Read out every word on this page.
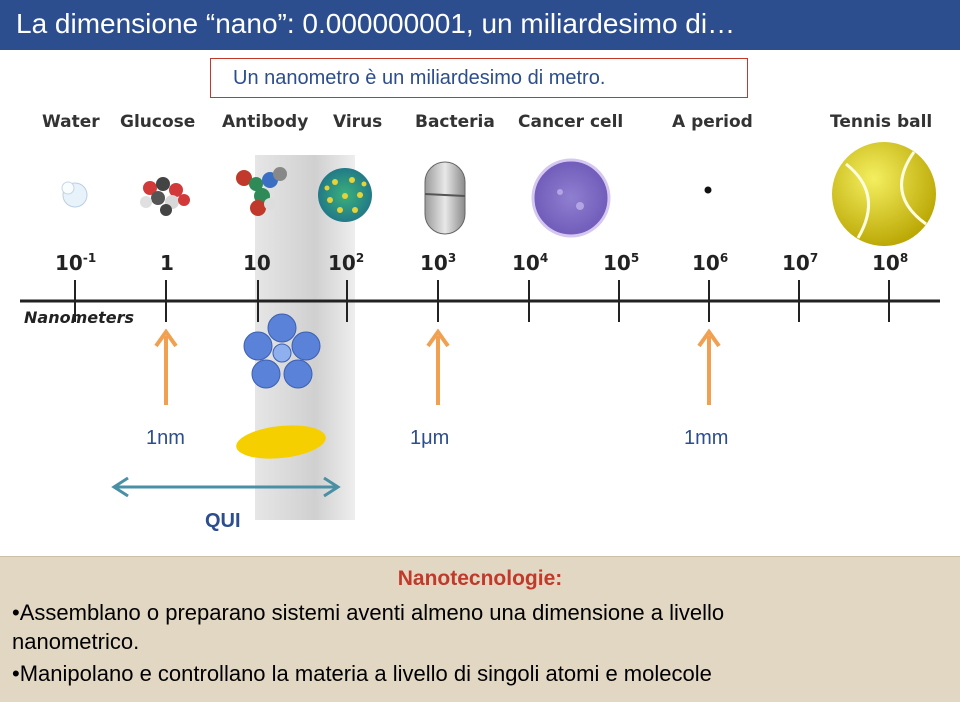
La dimensione “nano”: 0.000000001, un miliardesimo di…
Un nanometro è un miliardesimo di metro.
Water Glucose Antibody Virus Bacteria Cancer cell	A period	Tennis ball
$10^{-1}$	1	10	$10^2$	$10^3$	$10^4$	$10^5$	$10^6$	$10^7$	$10^8$
Nanometers
1nm	1μm	1mm
QUI
Nanotecnologie:
•Assemblano o preparano sistemi aventi almeno una dimensione a livello
nanometrico.
•Manipolano e controllano la materia a livello di singoli atomi e molecole
